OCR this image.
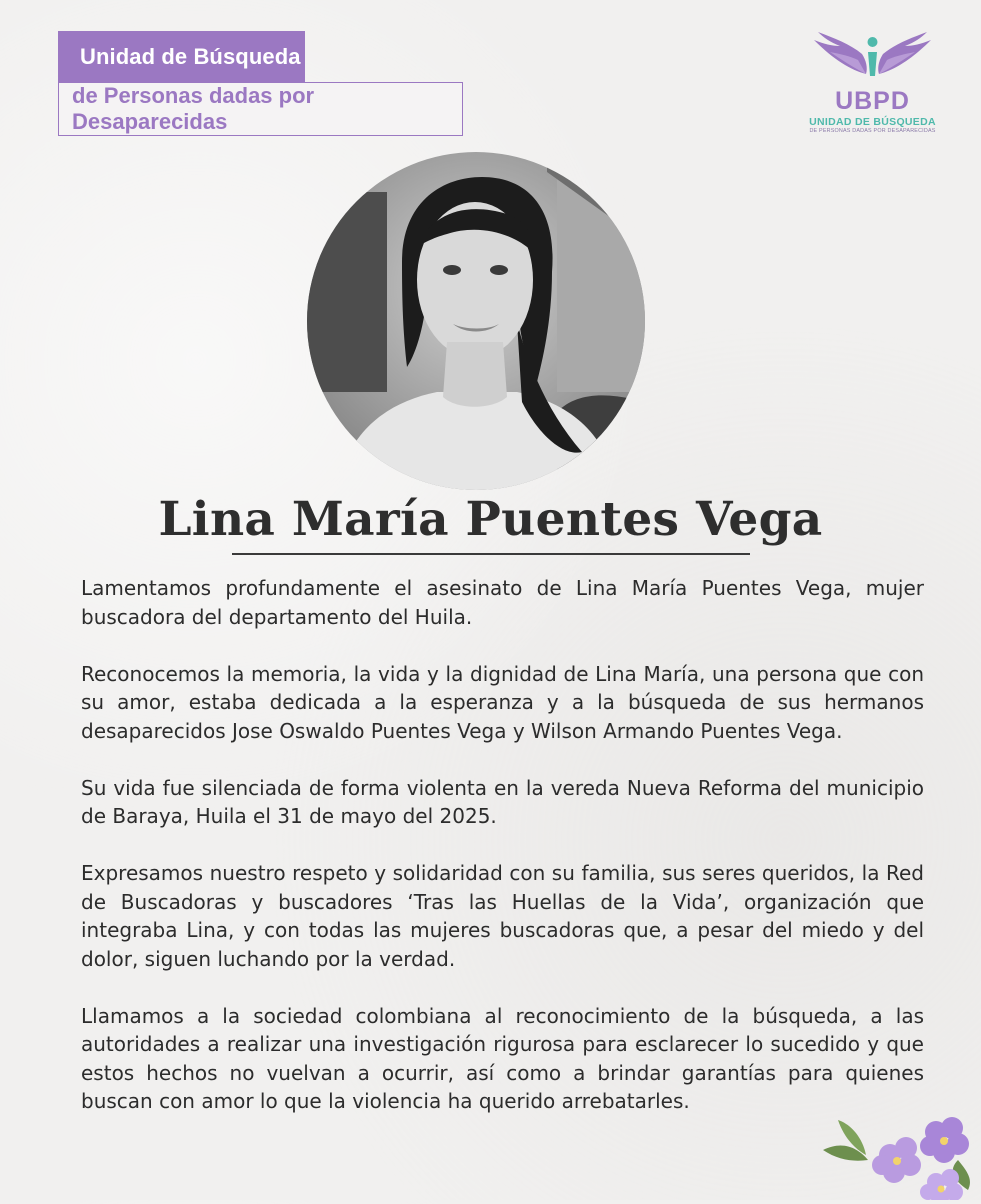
Unidad de Búsqueda
de Personas dadas por Desaparecidas
UBPD
UNIDAD DE BÚSQUEDA
DE PERSONAS DADAS POR DESAPARECIDAS
Lina María Puentes Vega

Lamentamos profundamente el asesinato de Lina María Puentes Vega, mujer buscadora del departamento del Huila.

Reconocemos la memoria, la vida y la dignidad de Lina María, una persona que con su amor, estaba dedicada a la esperanza y a la búsqueda de sus hermanos desaparecidos Jose Oswaldo Puentes Vega y Wilson Armando Puentes Vega.

Su vida fue silenciada de forma violenta en la vereda Nueva Reforma del municipio de Baraya, Huila el 31 de mayo del 2025.

Expresamos nuestro respeto y solidaridad con su familia, sus seres queridos, la Red de Buscadoras y buscadores ‘Tras las Huellas de la Vida’, organización que integraba Lina, y con todas las mujeres buscadoras que, a pesar del miedo y del dolor, siguen luchando por la verdad.

Llamamos a la sociedad colombiana al reconocimiento de la búsqueda, a las autoridades a realizar una investigación rigurosa para esclarecer lo sucedido y que estos hechos no vuelvan a ocurrir, así como a brindar garantías para quienes buscan con amor lo que la violencia ha querido arrebatarles.
